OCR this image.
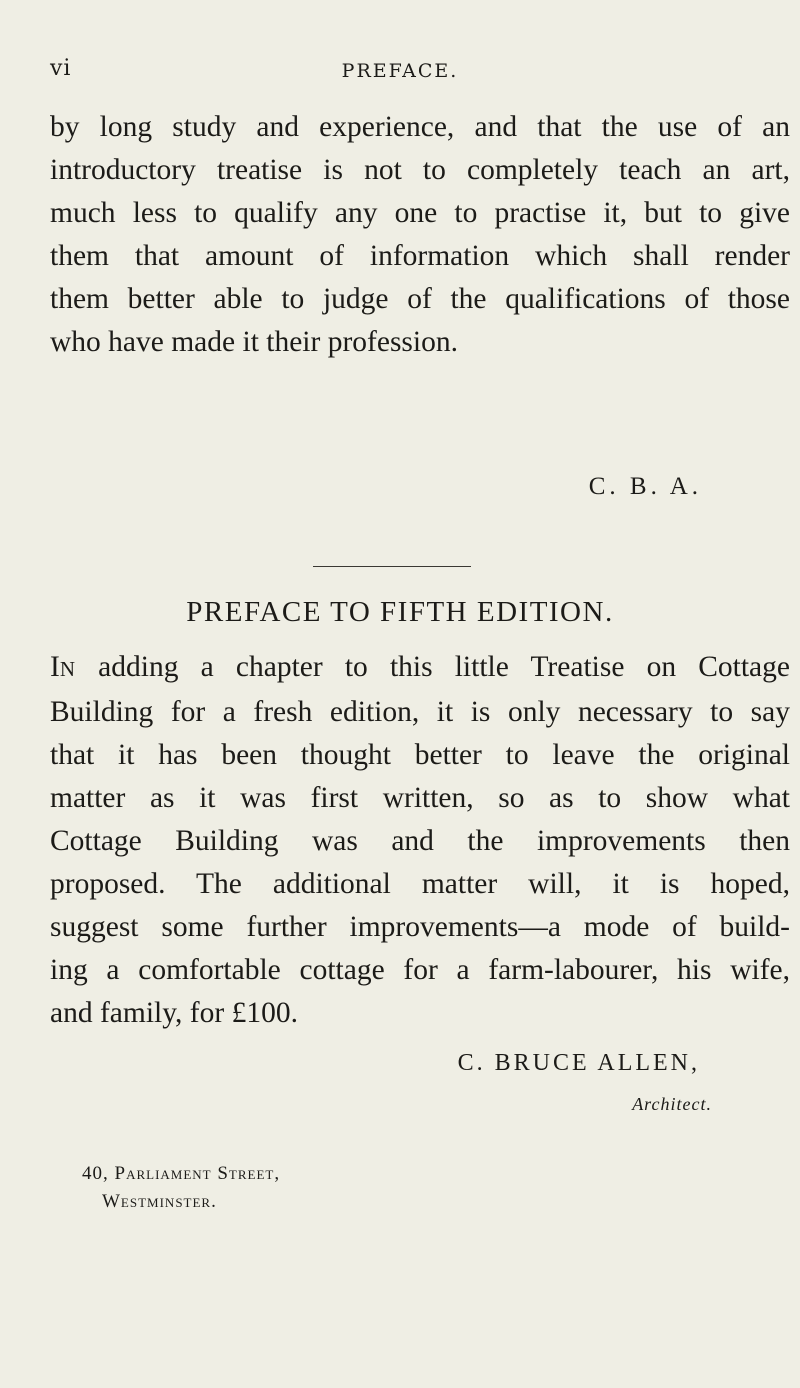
vi	PREFACE.
by long study and experience, and that the use of an
introductory treatise is not to completely teach an art,
much less to qualify any one to practise it, but to give
them that amount of information which shall render
them better able to judge of the qualifications of those
who have made it their profession.
C. B. A.
PREFACE TO FIFTH EDITION.
IN adding a chapter to this little Treatise on Cottage
Building for a fresh edition, it is only necessary to say
that it has been thought better to leave the original
matter as it was first written, so as to show what
Cottage Building was and the improvements then
proposed. The additional matter will, it is hoped,
suggest some further improvements—a mode of build-
ing a comfortable cottage for a farm-labourer, his wife,
and family, for £100.
C. BRUCE ALLEN,
Architect.
40, Parliament Street,
Westminster.
